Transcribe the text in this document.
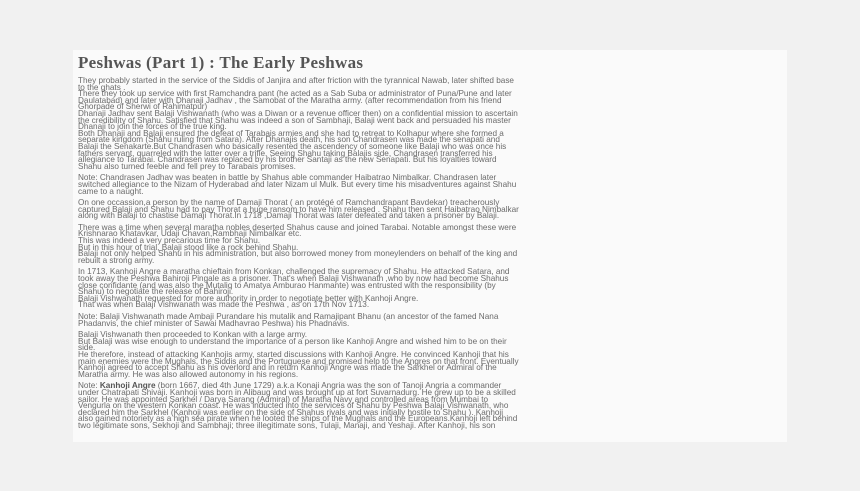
Peshwas (Part 1) : The Early Peshwas

They probably started in the service of the Siddis of Janjira and after friction with the tyrannical Nawab, later shifted base
to the ghats .
There they took up service with first Ramchandra pant (he acted as a Sab Suba or administrator of Puna/Pune and later
Daulatabad) and later with Dhanaji Jadhav , the Samobat of the Maratha army. (after recommendation from his friend
Ghorpade of Sherwi of Rahimatpur)
Dhanaji Jadhav sent Balaji Vishwanath (who was a Diwan or a revenue officer then) on a confidential mission to ascertain
the credibility of Shahu. Satisfied that Shahu was indeed a son of Sambhaji, Balaji went back and persuaded his master
Dhanaji to join the forces of the true king.
Both Dhanaji and Balaji ensured the defeat of Tarabais armies and she had to retreat to Kolhapur where she formed a
separate kingdom (Shahu ruling from Satara). After Dhanajis death, his son Chandrasen was made the senapati and
Balaji the Senakarte.But Chandrasen who basically resented the ascendency of someone like Balaji who was once his
fathers servant, quarreled with the latter over a trifle. Seeing Shahu taking Balajis side, Chandrasen transferred his
allegiance to Tarabai. Chandrasen was replaced by his brother Santaji as the new Senapati. But his loyalties toward
Shahu also turned feeble and fell prey to Tarabais promises.

Note: Chandrasen Jadhav was beaten in battle by Shahus able commander Haibatrao Nimbalkar. Chandrasen later
switched allegiance to the Nizam of Hyderabad and later Nizam ul Mulk. But every time his misadventures against Shahu
came to a naught.

On one occassion,a person by the name of Damaji Thorat ( an protégé of Ramchandrapant Bavdekar) treacherously
captured Balaji and Shahu had to pay Thorat a huge ransom to have him released . Shahu then sent Haibatrao Nimbalkar
along with Balaji to chastise Damaji Thorat.In 1718 ,Damaji Thorat was later defeated and taken a prisoner by Balaji.

There was a time when several maratha nobles deserted Shahus cause and joined Tarabai. Notable amongst these were
Krishnarao Khatavkar, Udaji Chavan,Rambhaji Nimbalkar etc.
This was indeed a very precarious time for Shahu.
But in this hour of trial, Balaji stood like a rock behind Shahu.
Balaji not only helped Shahu in his administration, but also borrowed money from moneylenders on behalf of the king and
rebuilt a strong army.

In 1713, Kanhoji Angre a maratha chieftain from Konkan, challenged the supremacy of Shahu. He attacked Satara, and
took away the Peshwa Bahiroji Pingale as a prisoner. That's when Balaji Vishwanath ,who by now had become Shahus
close confidante (and was also the Mutaliq to Amatya Amburao Hanmante) was entrusted with the responsibility (by
Shahu) to negotiate the release of Bahiroji.
Balaji Vishwanath requested for more authority in order to negotiate better with Kanhoji Angre.
That was when Balaji Vishwanath was made the Peshwa , as on 17th Nov 1713.

Note: Balaji Vishwanath made Ambaji Purandare his mutalik and Ramajipant Bhanu (an ancestor of the famed Nana
Phadanvis, the chief minister of Sawai Madhavrao Peshwa) his Phadnavis.

Balaji Vishwanath then proceeded to Konkan with a large army.
But Balaji was wise enough to understand the importance of a person like Kanhoji Angre and wished him to be on their
side.
He therefore, instead of attacking Kanhojis army, started discussions with Kanhoji Angre. He convinced Kanhoji that his
main enemies were the Mughals, the Siddis and the Portuguese and promised help to the Angres on that front. Eventually
Kanhoji agreed to accept Shahu as his overlord and in return Kanhoji Angre was made the Sarkhel or Admiral of the
Maratha army. He was also allowed autonomy in his regions.

Note: Kanhoji Angre (born 1667, died 4th June 1729) a.k.a Konaji Angria was the son of Tanoji Angria a commander
under Chatrapati Shivaji. Kanhoji was born in Alibaug and was brought up at fort Suvarnadurg. He grew up to be a skilled
sailor. He was appointed Sarkhel / Darya Sarang (Admiral) of Maratha Navy and controlled areas from Mumbai to
Vengurla on the western Konkan coast. He was inducted into the services of Shahu by Peshwa Balaji Vishwanath, who
declared him the Sarkhel (Kanhoji was earlier on the side of Shahus rivals and was initially hostile to Shahu ). Kanhoji
also gained notoriety as a high sea pirate when he looted the ships of the Mughals and the Europeans.Kanhoji left behind
two legitimate sons, Sekhoji and Sambhaji; three illegitimate sons, Tulaji, Manaji, and Yeshaji. After Kanhoji, his son
